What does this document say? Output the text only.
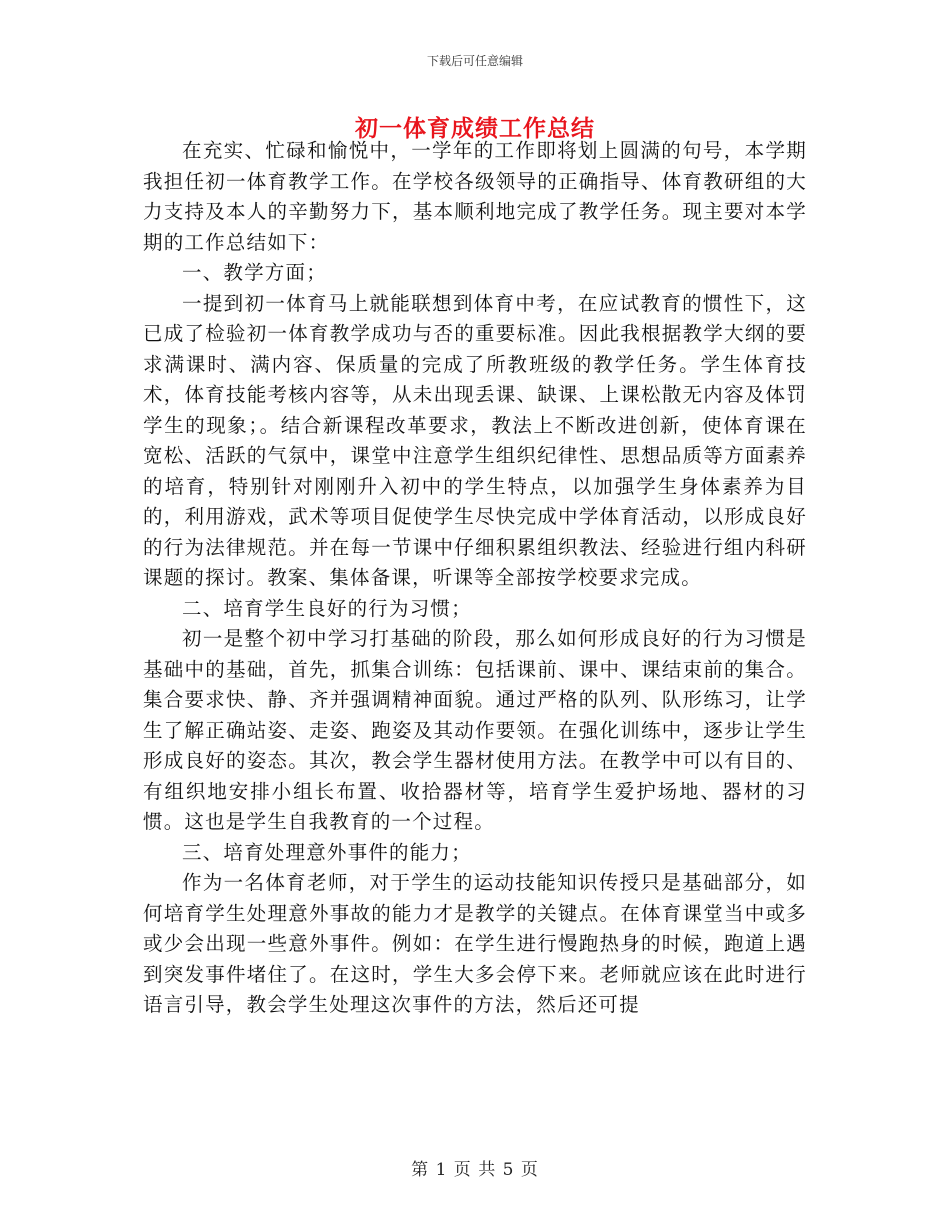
下载后可任意编辑
初一体育成绩工作总结

在充实、忙碌和愉悦中，一学年的工作即将划上圆满的句号，本学期我担任初一体育教学工作。在学校各级领导的正确指导、体育教研组的大力支持及本人的辛勤努力下，基本顺利地完成了教学任务。现主要对本学期的工作总结如下：

一、教学方面；

一提到初一体育马上就能联想到体育中考，在应试教育的惯性下，这已成了检验初一体育教学成功与否的重要标准。因此我根据教学大纲的要求满课时、满内容、保质量的完成了所教班级的教学任务。学生体育技术，体育技能考核内容等，从未出现丢课、缺课、上课松散无内容及体罚学生的现象；。结合新课程改革要求，教法上不断改进创新，使体育课在宽松、活跃的气氛中，课堂中注意学生组织纪律性、思想品质等方面素养的培育，特别针对刚刚升入初中的学生特点，以加强学生身体素养为目的，利用游戏，武术等项目促使学生尽快完成中学体育活动，以形成良好的行为法律规范。并在每一节课中仔细积累组织教法、经验进行组内科研课题的探讨。教案、集体备课，听课等全部按学校要求完成。

二、培育学生良好的行为习惯；

初一是整个初中学习打基础的阶段，那么如何形成良好的行为习惯是基础中的基础，首先，抓集合训练：包括课前、课中、课结束前的集合。集合要求快、静、齐并强调精神面貌。通过严格的队列、队形练习，让学生了解正确站姿、走姿、跑姿及其动作要领。在强化训练中，逐步让学生形成良好的姿态。其次，教会学生器材使用方法。在教学中可以有目的、有组织地安排小组长布置、收拾器材等，培育学生爱护场地、器材的习惯。这也是学生自我教育的一个过程。

三、培育处理意外事件的能力；

作为一名体育老师，对于学生的运动技能知识传授只是基础部分，如何培育学生处理意外事故的能力才是教学的关键点。在体育课堂当中或多或少会出现一些意外事件。例如：在学生进行慢跑热身的时候，跑道上遇到突发事件堵住了。在这时，学生大多会停下来。老师就应该在此时进行语言引导，教会学生处理这次事件的方法，然后还可提

第 1 页 共 5 页
